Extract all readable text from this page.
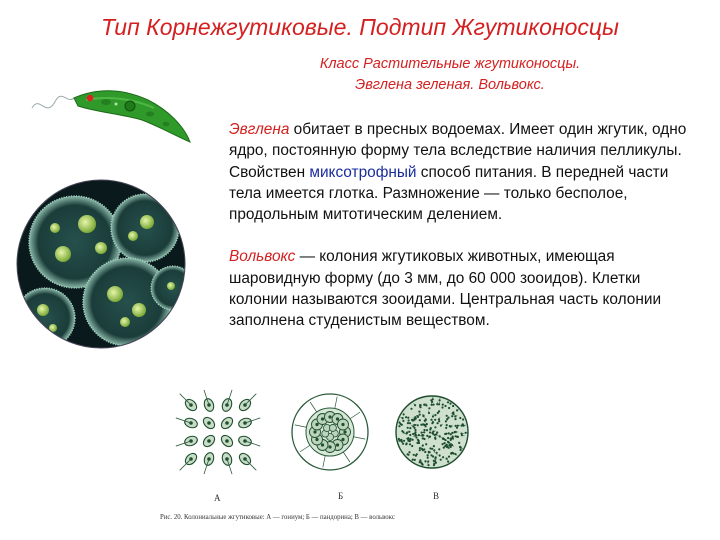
Тип Корнежгутиковые. Подтип Жгутиконосцы
Класс Растительные жгутиконосцы.
Эвглена зеленая. Вольвокс.

Эвглена обитает в пресных водоемах. Имеет один жгутик, одно ядро, постоянную форму тела вследствие наличия пелликулы.

Свойствен миксотрофный способ питания. В передней части тела имеется глотка. Размножение — только бесполое, продольным митотическим делением.

Вольвокс — колония жгутиковых животных, имеющая шаровидную форму (до 3 мм, до 60 000 зооидов). Клетки колонии называются зооидами. Центральная часть колонии заполнена студенистым веществом.

А	Б	В
Рис. 20. Колониальные жгутиковые: А — гониум; Б — пандорина; В — вольвокс
